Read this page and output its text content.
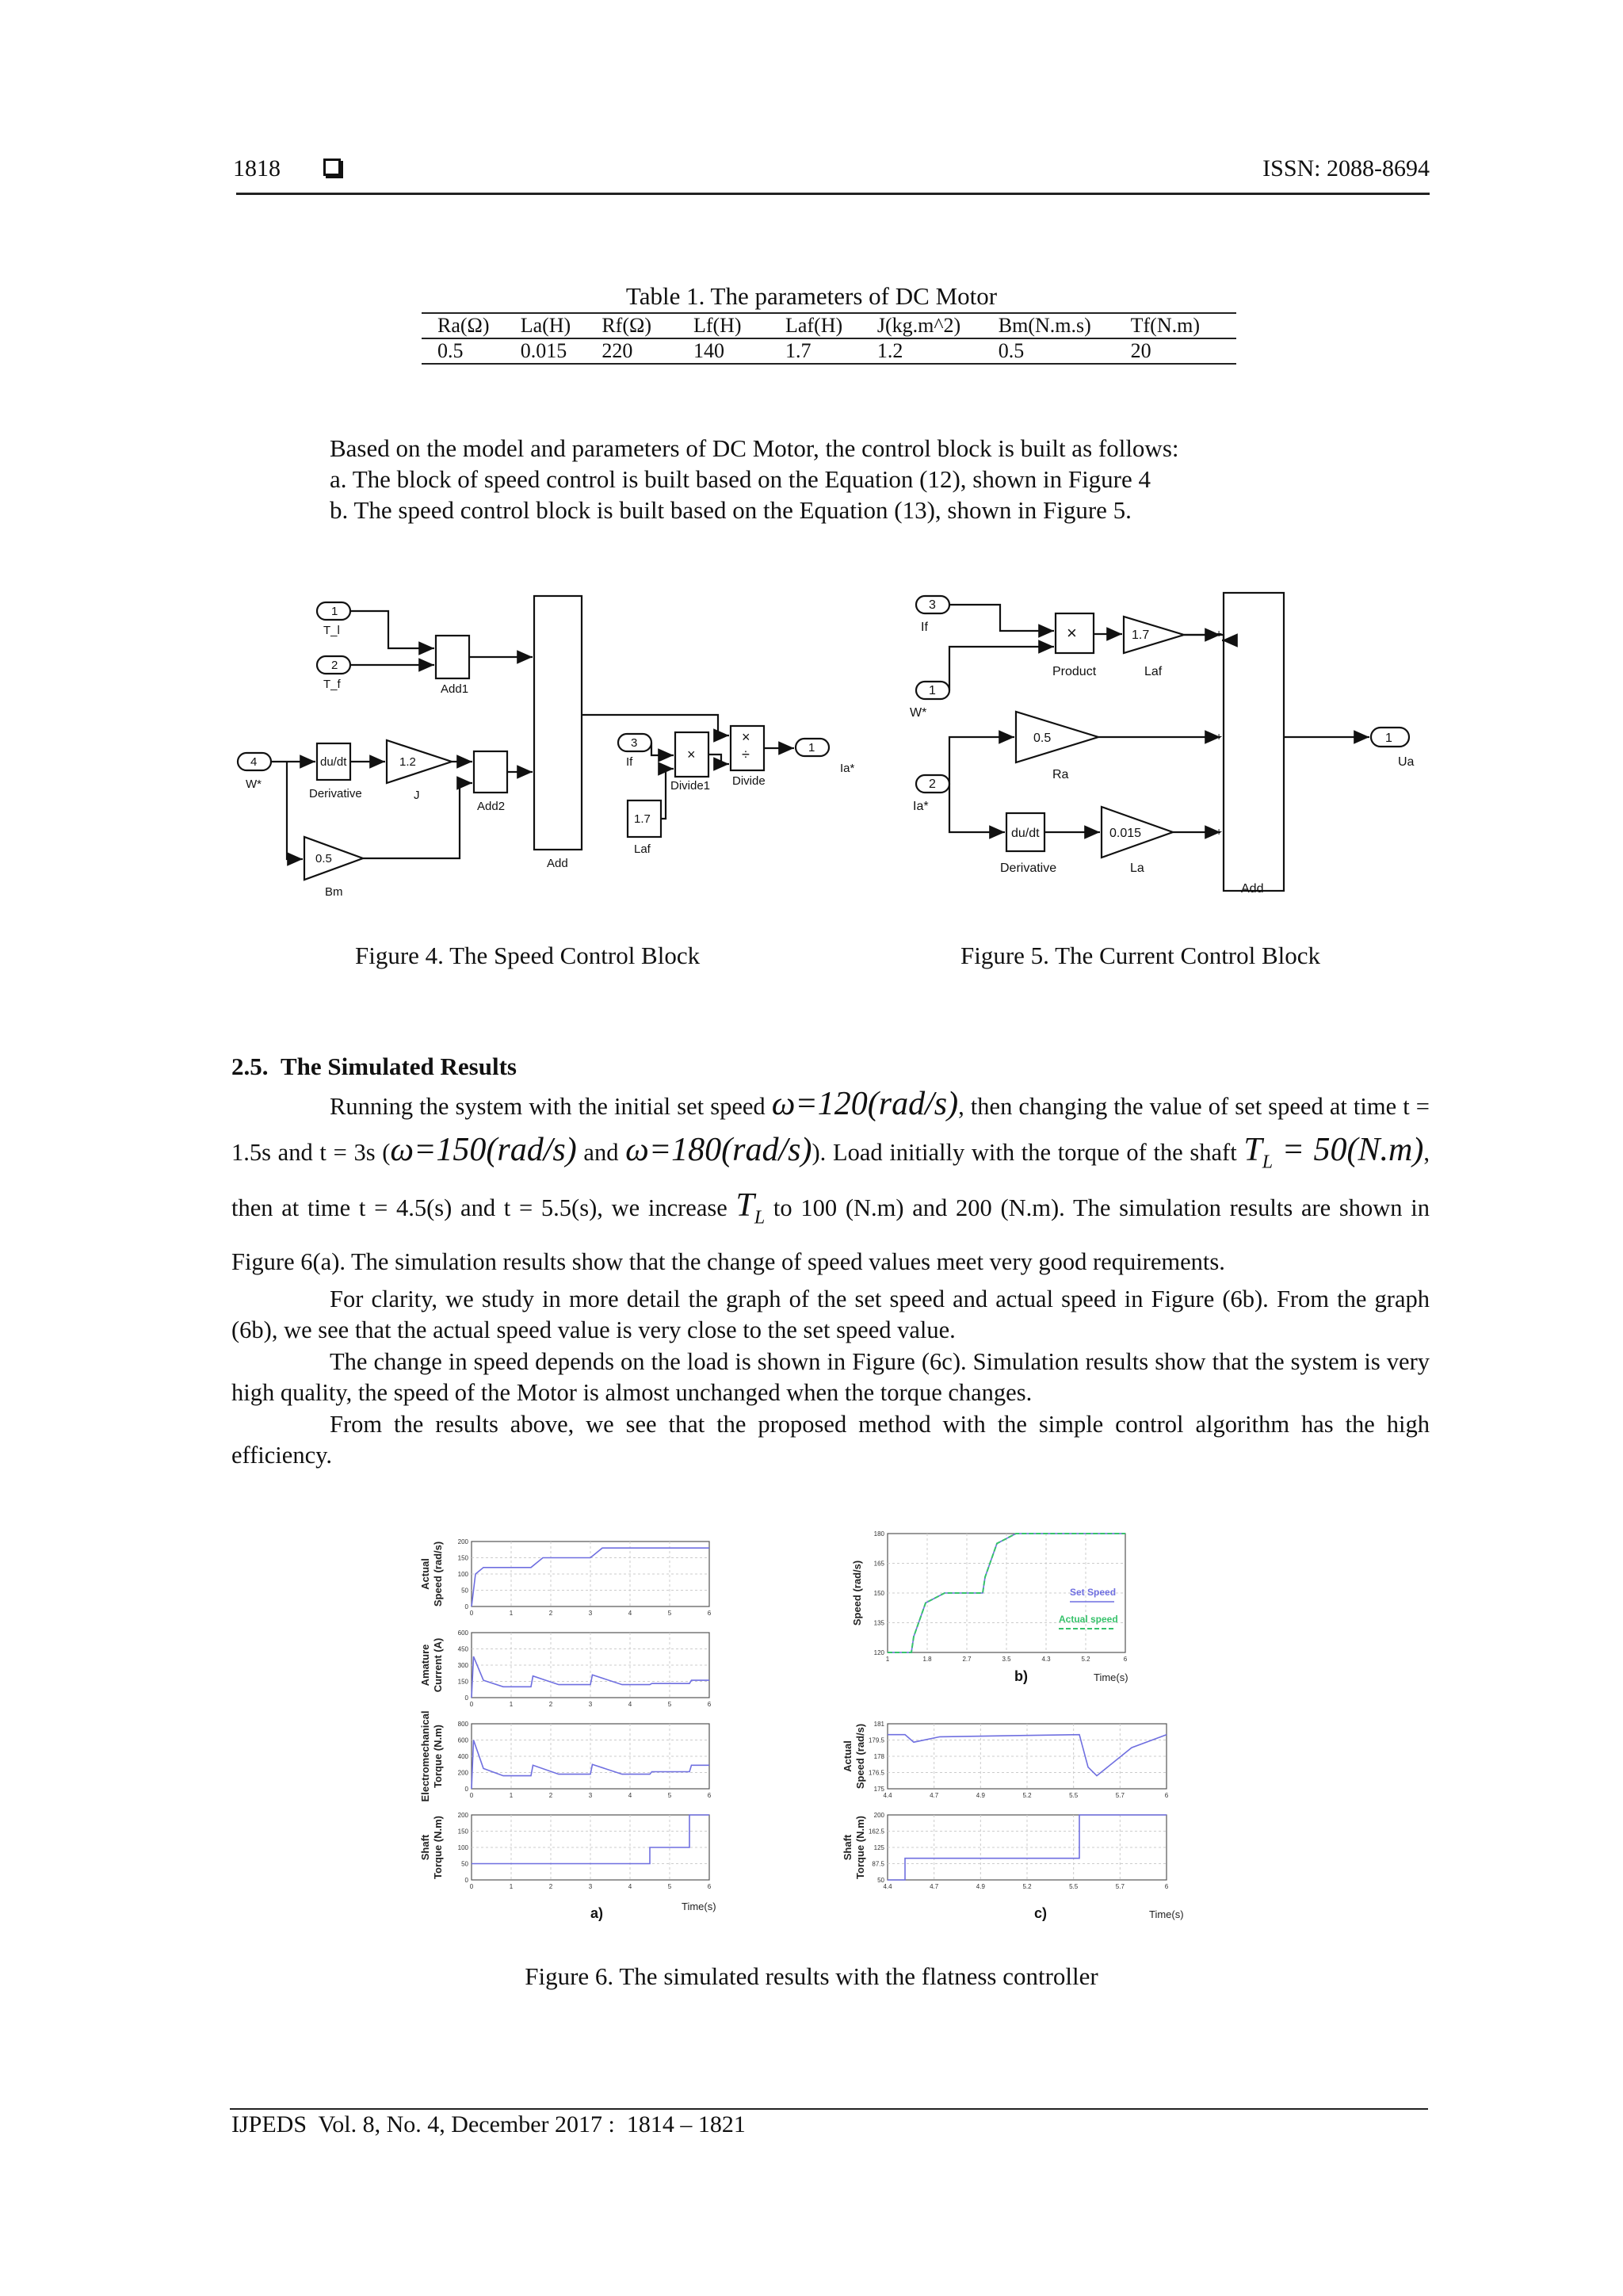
1818	ISSN: 2088-8694
Table 1. The parameters of DC Motor
Ra(Ω)	La(H)	Rf(Ω)	Lf(H)	Laf(H)	J(kg.m^2)	Bm(N.m.s)	Tf(N.m)
0.5	0.015	220	140	1.7	1.2	0.5	20
Based on the model and parameters of DC Motor, the control block is built as follows:
a. The block of speed control is built based on the Equation (12), shown in Figure 4
b. The speed control block is built based on the Equation (13), shown in Figure 5.
1
T_l
2
T_f	Add1
4
W*
du/dt
Derivative
1.2
J
Add2
0.5
Bm
Add
3
If
1.7
Laf
Divide1 Divide
1
Ia*
×
×
÷
3
If
1
W*
Product
1.7
Laf
0.5
Ra
2
Ia*
du/dt
Derivative
0.015
La
Add
1
Ua
×	+
+
+
Figure 4. The Speed Control Block	Figure 5. The Current Control Block
2.5. The Simulated Results

Running the system with the initial set speed ω=120(rad/s), then changing the value of set speed at time t = 1.5s and t = 3s (ω=150(rad/s) and ω=180(rad/s)). Load initially with the torque of the shaft $T_L = 50(N.m)$, then at time t = 4.5(s) and t = 5.5(s), we increase $T_L$ to 100 (N.m) and 200 (N.m). The simulation results are shown in Figure 6(a). The simulation results show that the change of speed values meet very good requirements.

For clarity, we study in more detail the graph of the set speed and actual speed in Figure (6b). From the graph (6b), we see that the actual speed value is very close to the set speed value.

The change in speed depends on the load is shown in Figure (6c). Simulation results show that the system is very high quality, the speed of the Motor is almost unchanged when the torque changes.

From the results above, we see that the proposed method with the simple control algorithm has the high efficiency.

0
50
100
150
200
0	1	2	3	4	5	6
0
150
300
450
600
0	1	2	3	4	5	6
0
200
400
600
800
0	1	2	3	4	5	6
0
50
100
150
200
0	1	2	3	4	5	6
120
135
150
165
180
1	1.8	2.7	3.5	4.3	5.2	6
175
176.5
178
179.5
181
4.4	4.7	4.9	5.2	5.5	5.7	6
50
87.5
125
162.5
200
4.4	4.7	4.9	5.2	5.5	5.7	6
Actual Speed (rad/s)
Amature Current (A)
Electromechanical Torque (N.m)
Shaft Torque (N.m)
Speed (rad/s)	Set Speed
Actual speed
Actual Speed (rad/s)
Shaft Torque (N.m)
a)	Time(s)
b)	Time(s)
c)	Time(s)
Figure 6. The simulated results with the flatness controller
IJPEDS  Vol. 8, No. 4, December 2017 :  1814 – 1821
